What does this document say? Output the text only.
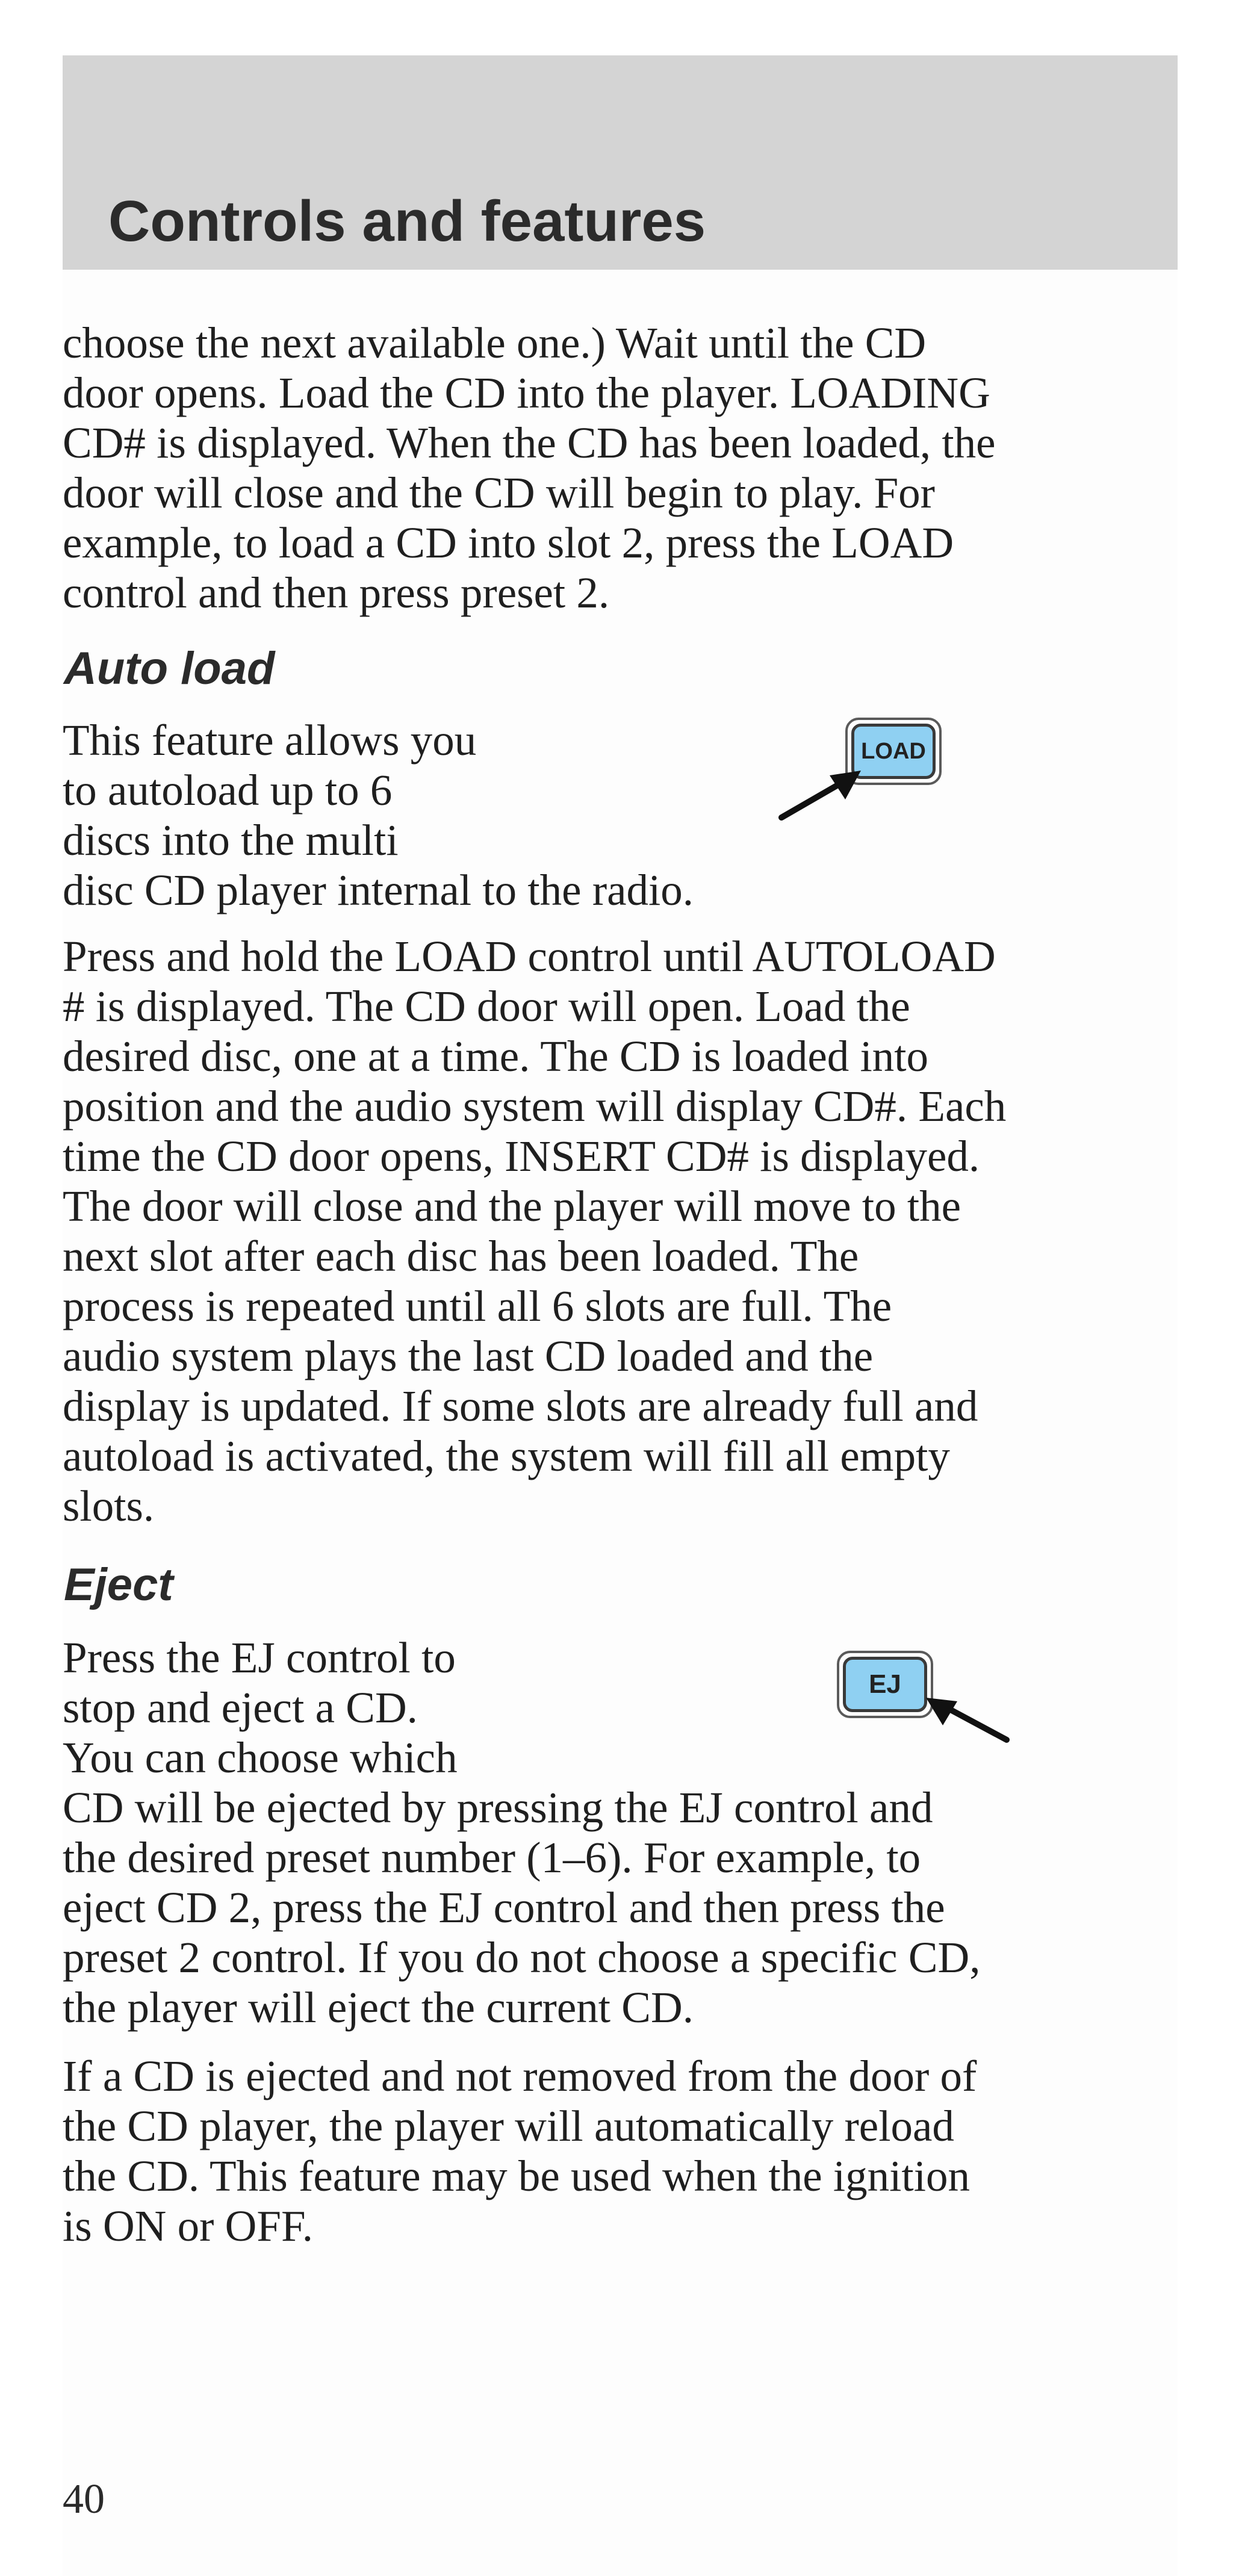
Controls and features

choose the next available one.) Wait until the CD
door opens. Load the CD into the player. LOADING
CD# is displayed. When the CD has been loaded, the
door will close and the CD will begin to play. For
example, to load a CD into slot 2, press the LOAD
control and then press preset 2.

Auto load

This feature allows you
to autoload up to 6
discs into the multi
disc CD player internal to the radio.

LOAD

Press and hold the LOAD control until AUTOLOAD
# is displayed. The CD door will open. Load the
desired disc, one at a time. The CD is loaded into
position and the audio system will display CD#. Each
time the CD door opens, INSERT CD# is displayed.
The door will close and the player will move to the
next slot after each disc has been loaded. The
process is repeated until all 6 slots are full. The
audio system plays the last CD loaded and the
display is updated. If some slots are already full and
autoload is activated, the system will fill all empty
slots.

Eject

Press the EJ control to
stop and eject a CD.
You can choose which
CD will be ejected by pressing the EJ control and
the desired preset number (1–6). For example, to
eject CD 2, press the EJ control and then press the
preset 2 control. If you do not choose a specific CD,
the player will eject the current CD.

EJ

If a CD is ejected and not removed from the door of
the CD player, the player will automatically reload
the CD. This feature may be used when the ignition
is ON or OFF.

40
